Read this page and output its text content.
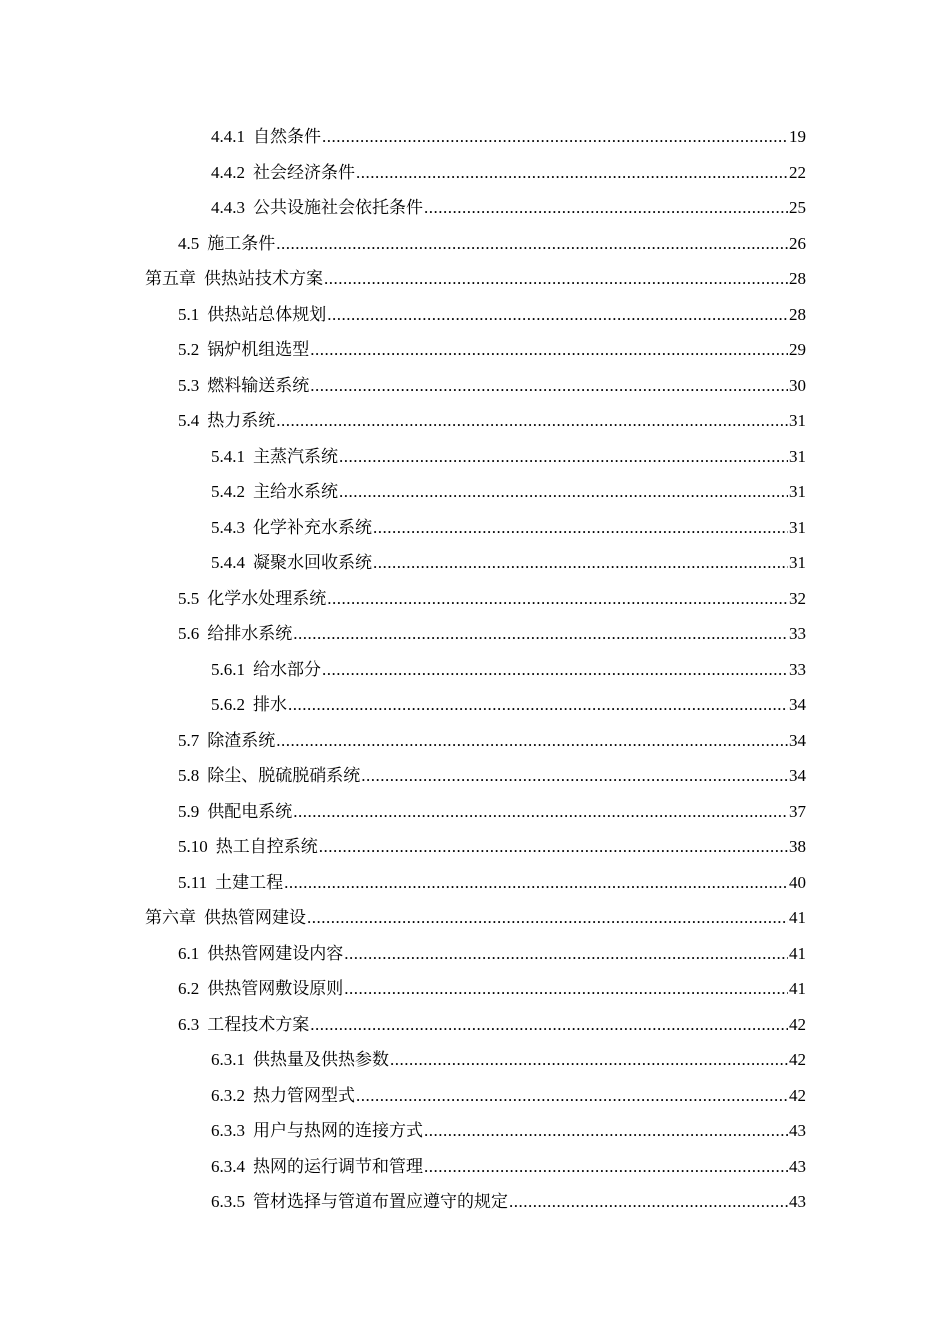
4.4.1 自然条件 .....	19
4.4.2 社会经济条件 .....	22
4.4.3 公共设施社会依托条件 .....	25
4.5 施工条件 .....	26
第五章 供热站技术方案 .....	28
5.1 供热站总体规划 .....	28
5.2 锅炉机组选型 .....	29
5.3 燃料输送系统 .....	30
5.4 热力系统 .....	31
5.4.1 主蒸汽系统 .....	31
5.4.2 主给水系统 .....	31
5.4.3 化学补充水系统 .....	31
5.4.4 凝聚水回收系统 .....	31
5.5 化学水处理系统 .....	32
5.6 给排水系统 .....	33
5.6.1 给水部分 .....	33
5.6.2 排水 .....	34
5.7 除渣系统 .....	34
5.8 除尘、脱硫脱硝系统 .....	34
5.9 供配电系统 .....	37
5.10 热工自控系统 .....	38
5.11 土建工程 .....	40
第六章 供热管网建设 .....	41
6.1 供热管网建设内容 .....	41
6.2 供热管网敷设原则 .....	41
6.3 工程技术方案 .....	42
6.3.1 供热量及供热参数 .....	42
6.3.2 热力管网型式 .....	42
6.3.3 用户与热网的连接方式 .....	43
6.3.4 热网的运行调节和管理 .....	43
6.3.5 管材选择与管道布置应遵守的规定 .....	43
